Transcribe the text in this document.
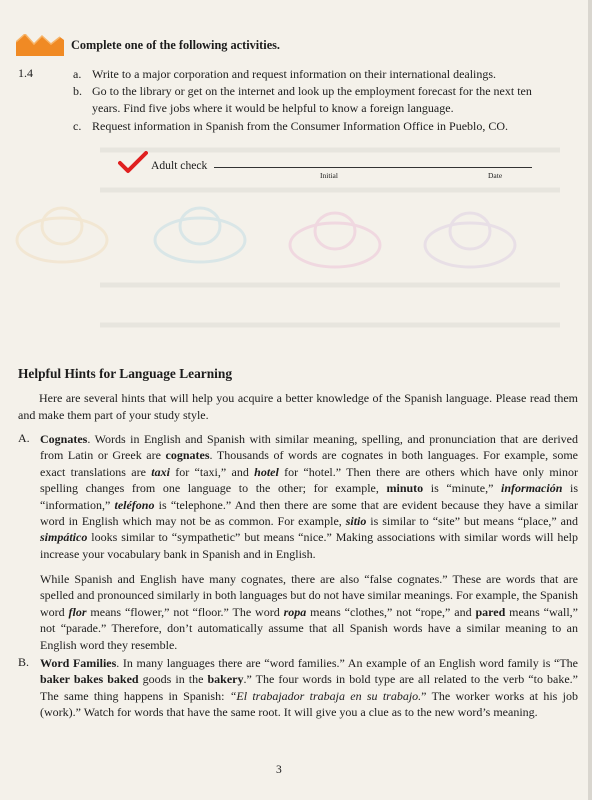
Complete one of the following activities.
1.4	a. Write to a major corporation and request information on their international dealings.
b. Go to the library or get on the internet and look up the employment forecast for the next ten years. Find five jobs where it would be helpful to know a foreign language.
c. Request information in Spanish from the Consumer Information Office in Pueblo, CO.
Adult check
Initial	Date
Helpful Hints for Language Learning
Here are several hints that will help you acquire a better knowledge of the Spanish language. Please read them and make them part of your study style.
A. Cognates. Words in English and Spanish with similar meaning, spelling, and pronunciation that are derived from Latin or Greek are cognates. Thousands of words are cognates in both languages. For example, some exact translations are taxi for “taxi,” and hotel for “hotel.” Then there are others which have only minor spelling changes from one language to the other; for example, minuto is “minute,” información is “information,” teléfono is “telephone.” And then there are some that are evident because they have a similar word in English which may not be as common. For example, sitio is similar to “site” but means “place,” and simpático looks similar to “sympathetic” but means “nice.” Making associations with similar words will help increase your vocabulary bank in Spanish and in English.
While Spanish and English have many cognates, there are also “false cognates.” These are words that are spelled and pronounced similarly in both languages but do not have similar meanings. For example, the Spanish word flor means “flower,” not “floor.” The word ropa means “clothes,” not “rope,” and pared means “wall,” not “parade.” Therefore, don’t automatically assume that all Spanish words have a similar meaning to an English word they resemble.
B. Word Families. In many languages there are “word families.” An example of an English word family is “The baker bakes baked goods in the bakery.” The four words in bold type are all related to the verb “to bake.” The same thing happens in Spanish: “El trabajador trabaja en su trabajo.” The worker works at his job (work).” Watch for words that have the same root. It will give you a clue as to the new word’s meaning.
3
